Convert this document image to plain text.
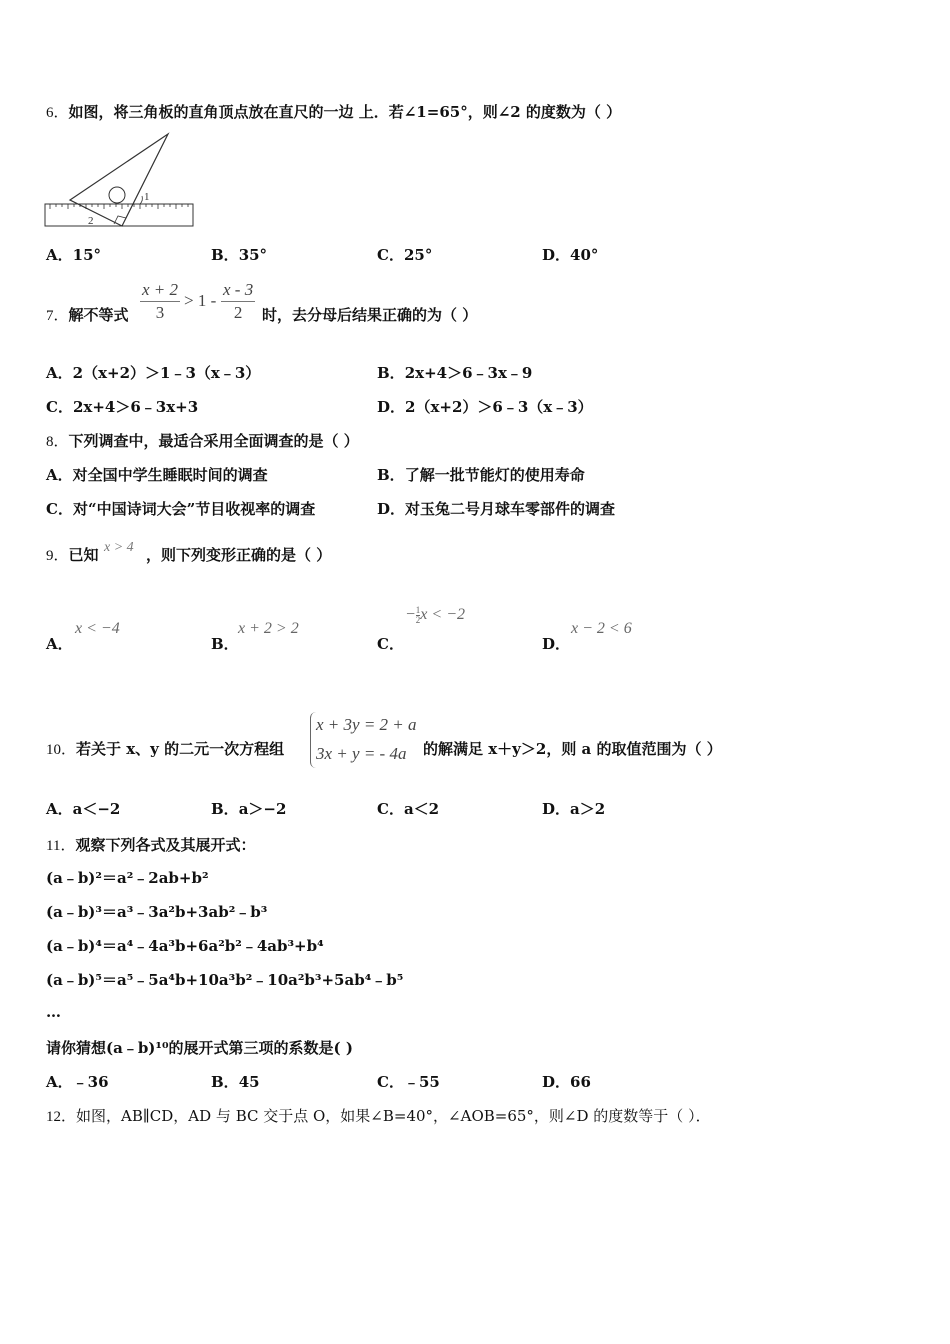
6．如图，将三角板的直角顶点放在直尺的一边 上．若∠1=65°，则∠2 的度数为（ ）
1
2
A．15°	B．35°	C．25°	D．40°
7．解不等式
x + 2
3
> 1 -
x - 3
2	时，去分母后结果正确的为（ ）
A．2（x+2）＞1﹣3（x﹣3）	B．2x+4＞6﹣3x﹣9
C．2x+4＞6﹣3x+3	D．2（x+2）＞6﹣3（x﹣3）
8．下列调查中，最适合采用全面调查的是（ ）
A．对全国中学生睡眠时间的调查	B．了解一批节能灯的使用寿命
C．对“中国诗词大会”节目收视率的调查	D．对玉兔二号月球车零部件的调查
9．已知 x > 4 ，则下列变形正确的是（ ）
A．
x < −4
B．
x + 2 > 2
C．
− $\frac{1}{2}$ x < −2
D．
x − 2 < 6
10．若关于 x、y 的二元一次方程组
x + 3y = 2 + a
3x + y = - 4a 的解满足 x＋y＞2，则 a 的取值范围为（ ）
A．a＜−2	B．a＞−2	C．a＜2	D．a＞2
11．观察下列各式及其展开式：
(a﹣b)²＝a²﹣2ab+b²
(a﹣b)³＝a³﹣3a²b+3ab²﹣b³
(a﹣b)⁴＝a⁴﹣4a³b+6a²b²﹣4ab³+b⁴
(a﹣b)⁵＝a⁵﹣5a⁴b+10a³b²﹣10a²b³+5ab⁴﹣b⁵
…
请你猜想(a﹣b)¹⁰的展开式第三项的系数是( )
A．﹣36	B．45	C．﹣55	D．66
12．如图，AB∥CD，AD 与 BC 交于点 O，如果∠B=40°，∠AOB=65°，则∠D 的度数等于（ ）．
